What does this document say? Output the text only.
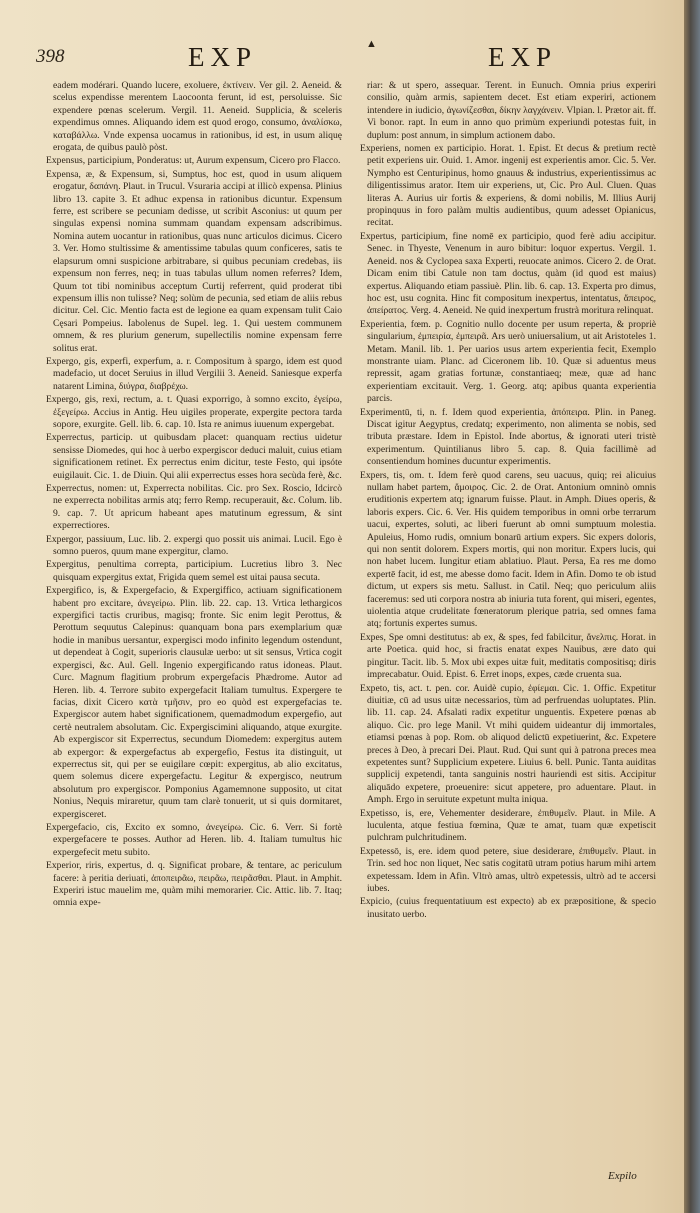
398	EXP	▲	EXP

eadem modérari. Quando lucere, exoluere, ἐκτίνειν. Ver gil. 2. Aeneid. & scelus expendisse merentem Laocoonta ferunt, id est, persoluisse. Sic expendere pœnas scelerum. Vergil. 11. Aeneid. Supplicia, & sceleris expendimus omnes. Aliquando idem est quod erogo, consumo, ἀναλίσκω, καταβάλλω. Vnde expensa uocamus in rationibus, id est, in usum aliquę erogata, de quibus paulò pòst.

Expensus, participium, Ponderatus: ut, Aurum expensum, Cicero pro Flacco.

Expensa, æ, & Expensum, si, Sumptus, hoc est, quod in usum aliquem erogatur, δαπάνη. Plaut. in Trucul. Vsuraria accipi at illicò expensa. Plinius libro 13. capite 3. Et adhuc expensa in rationibus dicuntur. Expensum ferre, est scribere se pecuniam dedisse, ut scribit Asconius: ut quum per singulas expensi nomina summam quandam expensam adscribimus. Nomina autem uocantur in rationibus, quas nunc articulos dicimus. Cicero 3. Ver. Homo stultissime & amentissime tabulas quum conficeres, satis te elapsurum omni suspicione arbitrabare, si quibus pecuniam credebas, iis expensum non ferres, neq; in tuas tabulas ullum nomen referres? Idem, Quum tot tibi nominibus acceptum Curtij referrent, quid proderat tibi expensum illis non tulisse? Neq; solùm de pecunia, sed etiam de aliis rebus dicitur. Cel. Cic. Mentio facta est de legione ea quam expensam tulit Caio Cęsari Pompeius. Iabolenus de Supel. leg. 1. Qui uestem communem omnem, & res plurium generum, supellectilis nomine expensam ferre solitus erat.

Expergo, gis, experfi, experfum, a. r. Compositum à spargo, idem est quod madefacio, ut docet Seruius in illud Vergilii 3. Aeneid. Saniesque experfa natarent Limina, διύγρα, διαβρέχω.

Expergo, gis, rexi, rectum, a. t. Quasi exporrigo, à somno excito, ἐγείρω, ἐξεγείρω. Accius in Antig. Heu uigiles properate, expergite pectora tarda sopore, exurgite. Gell. lib. 6. cap. 10. Ista re animus iuuenum expergebat.

Experrectus, particip. ut quibusdam placet: quanquam rectius uidetur sensisse Diomedes, qui hoc à uerbo expergiscor deduci maluit, cuius etiam significationem retinet. Ex perrectus enim dicitur, teste Festo, qui ipsóte euigilauit. Cic. 1. de Diuin. Qui alii experrectus esses hora secùda ferè, &c.

Experrectus, nomen: ut, Experrecta nobilitas. Cic. pro Sex. Roscio, Idcircò ne experrecta nobilitas armis atq; ferro Remp. recuperauit, &c. Colum. lib. 9. cap. 7. Ut apricum habeant apes matutinum egressum, & sint experrectiores.

Expergor, passiuum, Luc. lib. 2. expergi quo possit uis animai. Lucil. Ego è somno pueros, quum mane expergitur, clamo.

Expergitus, penultima correpta, participium. Lucretius libro 3. Nec quisquam expergitus extat, Frigida quem semel est uitai pausa secuta.

Expergifico, is, & Expergefacio, & Expergiffico, actiuam significationem habent pro excitare, ἀνεγείρω. Plin. lib. 22. cap. 13. Vrtica lethargicos expergifici tactis cruribus, magisq; fronte. Sic enim legit Perottus, & Perottum sequutus Calepinus: quanquam bona pars exemplarium quæ hodie in manibus uersantur, expergisci modo infinito legendum ostendunt, ut dependeat à Cogit, superioris clausulæ uerbo: ut sit sensus, Vrtica cogit expergisci, &c. Aul. Gell. Ingenio expergificando ratus idoneas. Plaut. Curc. Magnum flagitium probrum expergefacis Phædrome. Autor ad Heren. lib. 4. Terrore subito expergefacit Italiam tumultus. Expergere te facias, dixit Cicero κατὰ τμῆσιν, pro eo quòd est expergefacias te. Expergiscor autem habet significationem, quemadmodum expergefio, aut certè neutralem absolutam. Cic. Expergiscimini aliquando, atque exurgite. Ab expergiscor sit Experrectus, secundum Diomedem: expergitus autem ab expergor: & expergefactus ab expergefio, Festus ita distinguit, ut experrectus sit, qui per se euigilare cœpit: expergitus, ab alio excitatus, quem solemus dicere expergefactu. Legitur & expergisco, neutrum absolutum pro expergiscor. Pomponius Agamemnone supposito, ut citat Nonius, Nequis miraretur, quum tam clarè tonuerit, ut si quis dormitaret, expergisceret.

Expergefacio, cis, Excito ex somno, ἀνεγείρω. Cic. 6. Verr. Si fortè expergefacere te posses. Author ad Heren. lib. 4. Italiam tumultus hic expergefecit metu subito.

Experior, riris, expertus, d. q. Significat probare, & tentare, ac periculum facere: à peritia deriuati, ἀποπειρᾶω, πειρᾶω, πειρᾶσθαι. Plaut. in Amphit. Experiri istuc mauelim me, quàm mihi memorarier. Cic. Attic. lib. 7. Itaq; omnia expe-

riar: & ut spero, assequar. Terent. in Eunuch. Omnia prius experiri consilio, quàm armis, sapientem decet. Est etiam experiri, actionem intendere in iudicio, ἀγωνίζεσθαι, δίκην λαγχάνειν. Vlpian. l. Prætor ait. ff. Vi bonor. rapt. In eum in anno quo primùm experiundi potestas fuit, in duplum: post annum, in simplum actionem dabo.

Experiens, nomen ex participio. Horat. 1. Epist. Et decus & pretium rectè petit experiens uir. Ouid. 1. Amor. ingenij est experientis amor. Cic. 5. Ver. Nympho est Centuripinus, homo gnauus & industrius, experientissimus ac diligentissimus arator. Item uir experiens, ut, Cic. Pro Aul. Cluen. Quas literas A. Aurius uir fortis & experiens, & domi nobilis, M. Illius Aurij propinquus in foro palàm multis audientibus, quum adesset Opianicus, recitat.

Expertus, participium, fine nomē ex participio, quod ferè adiu accipitur. Senec. in Thyeste, Venenum in auro bibitur: loquor expertus. Vergil. 1. Aeneid. nos & Cyclopea saxa Experti, reuocate animos. Cicero 2. de Orat. Dicam enim tibi Catule non tam doctus, quàm (id quod est maius) expertus. Aliquando etiam passiuè. Plin. lib. 6. cap. 13. Experta pro dimus, hoc est, usu cognita. Hinc fit compositum inexpertus, intentatus, ἄπειρος, ἀπείρατος. Verg. 4. Aeneid. Ne quid inexpertum frustrà moritura relinquat.

Experientia, fœm. p. Cognitio nullo docente per usum reperta, & propriè singularium, ἐμπειρία, ἐμπειρᾶ. Ars uerò uniuersalium, ut ait Aristoteles 1. Metam. Manil. lib. 1. Per uarios usus artem experientia fecit, Exemplo monstrante uiam. Planc. ad Ciceronem lib. 10. Quæ si aduentus meus repressit, agam gratias fortunæ, constantiaeq; meæ, quæ ad hanc experientiam excitauit. Verg. 1. Georg. atq; apibus quanta experientia parcis.

Experimentū, ti, n. f. Idem quod experientia, ἀπόπειρα. Plin. in Paneg. Discat igitur Aegyptus, credatq; experimento, non alimenta se nobis, sed tributa præstare. Idem in Epistol. Inde abortus, & ignorati uteri tristè experimentum. Quintilianus libro 5. cap. 8. Quia facillimè ad consentiendum homines ducuntur experimentis.

Expers, tis, om. t. Idem ferè quod carens, seu uacuus, quiq; rei alicuius nullam habet partem, ἄμοιρος. Cic. 2. de Orat. Antonium omninò omnis eruditionis expertem atq; ignarum fuisse. Plaut. in Amph. Diues operis, & laboris expers. Cic. 6. Ver. His quidem temporibus in omni orbe terrarum uacui, expertes, soluti, ac liberi fuerunt ab omni sumptuum molestia. Apuleius, Homo rudis, omnium bonarū artium expers. Sic expers doloris, qui non sentit dolorem. Expers mortis, qui non moritur. Expers lucis, qui non habet lucem. Iungitur etiam ablatiuo. Plaut. Persa, Ea res me domo expertē facit, id est, me abesse domo facit. Idem in Afin. Domo te ob istud dictum, ut expers sis metu. Sallust. in Catil. Neq; quo periculum aliis faceremus: sed uti corpora nostra ab iniuria tuta forent, qui miseri, egentes, uiolentia atque crudelitate fœneratorum plerique patria, sed omnes fama atq; fortunis expertes sumus.

Expes, Spe omni destitutus: ab ex, & spes, fed fabilcitur, ἄνελπις. Horat. in arte Poetica. quid hoc, si fractis enatat expes Nauibus, ære dato qui pingitur. Tacit. lib. 5. Mox ubi expes uitæ fuit, meditatis compositisq; diris imprecabatur. Ouid. Epist. 6. Erret inops, expes, cæde cruenta sua.

Expeto, tis, act. t. pen. cor. Auidè cupio, ἐφίεμαι. Cic. 1. Offic. Expetitur diuitiæ, cū ad usus uitæ necessarios, tùm ad perfruendas uoluptates. Plin. lib. 11. cap. 24. Afsalati radix expetitur unguentis. Expetere pœnas ab aliquo. Cic. pro lege Manil. Vt mihi quidem uideantur dij immortales, etiamsi pœnas à pop. Rom. ob aliquod delictū expetiuerint, &c. Expetere preces à Deo, à precari Dei. Plaut. Rud. Qui sunt qui à patrona preces mea expetentes sunt? Supplicium expetere. Liuius 6. bell. Punic. Tanta auiditas supplicij expetendi, tanta sanguinis nostri hauriendi est sitis. Accipitur aliquādo expetere, proeuenire: sicut appetere, pro aduentare. Plaut. in Amph. Ergo in seruitute expetunt multa iniqua.

Expetisso, is, ere, Vehementer desiderare, ἐπιθυμεῖν. Plaut. in Mile. A luculenta, atque festiua fœmina, Quæ te amat, tuam quæ expetiscit pulchram pulchritudinem.

Expetessō, is, ere. idem quod petere, siue desiderare, ἐπιθυμεῖν. Plaut. in Trin. sed hoc non liquet, Nec satis cogitatū utram potius harum mihi artem expetessam. Idem in Afin. Vltrò amas, ultrò expetessis, ultrò ad te accersi iubes.

Expicio, (cuius frequentatiuum est expecto) ab ex præpositione, & specio inusitato uerbo.

Expilo
